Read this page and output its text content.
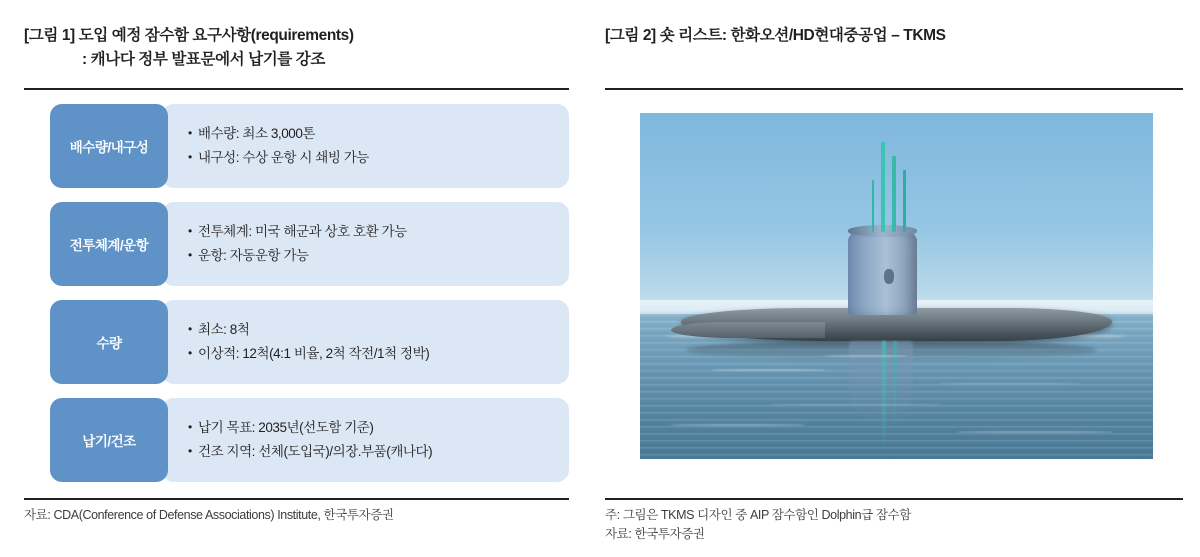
[그림 1] 도입 예정 잠수함 요구사항(requirements)
: 캐나다 정부 발표문에서 납기를 강조
배수량/내구성
• 배수량: 최소 3,000톤
• 내구성: 수상 운항 시 쇄빙 가능
전투체계/운항
• 전투체계: 미국 해군과 상호 호환 가능
• 운항: 자동운항 가능
수량
• 최소: 8척
• 이상적: 12척(4:1 비율, 2척 작전/1척 정박)
납기/건조
• 납기 목표: 2035년(선도함 기준)
• 건조 지역: 선체(도입국)/의장.부품(캐나다)
자료: CDA(Conference of Defense Associations) Institute, 한국투자증권
[그림 2] 숏 리스트: 한화오션/HD현대중공업 – TKMS
주: 그림은 TKMS 디자인 중 AIP 잠수함인 Dolphin급 잠수함
자료: 한국투자증권
